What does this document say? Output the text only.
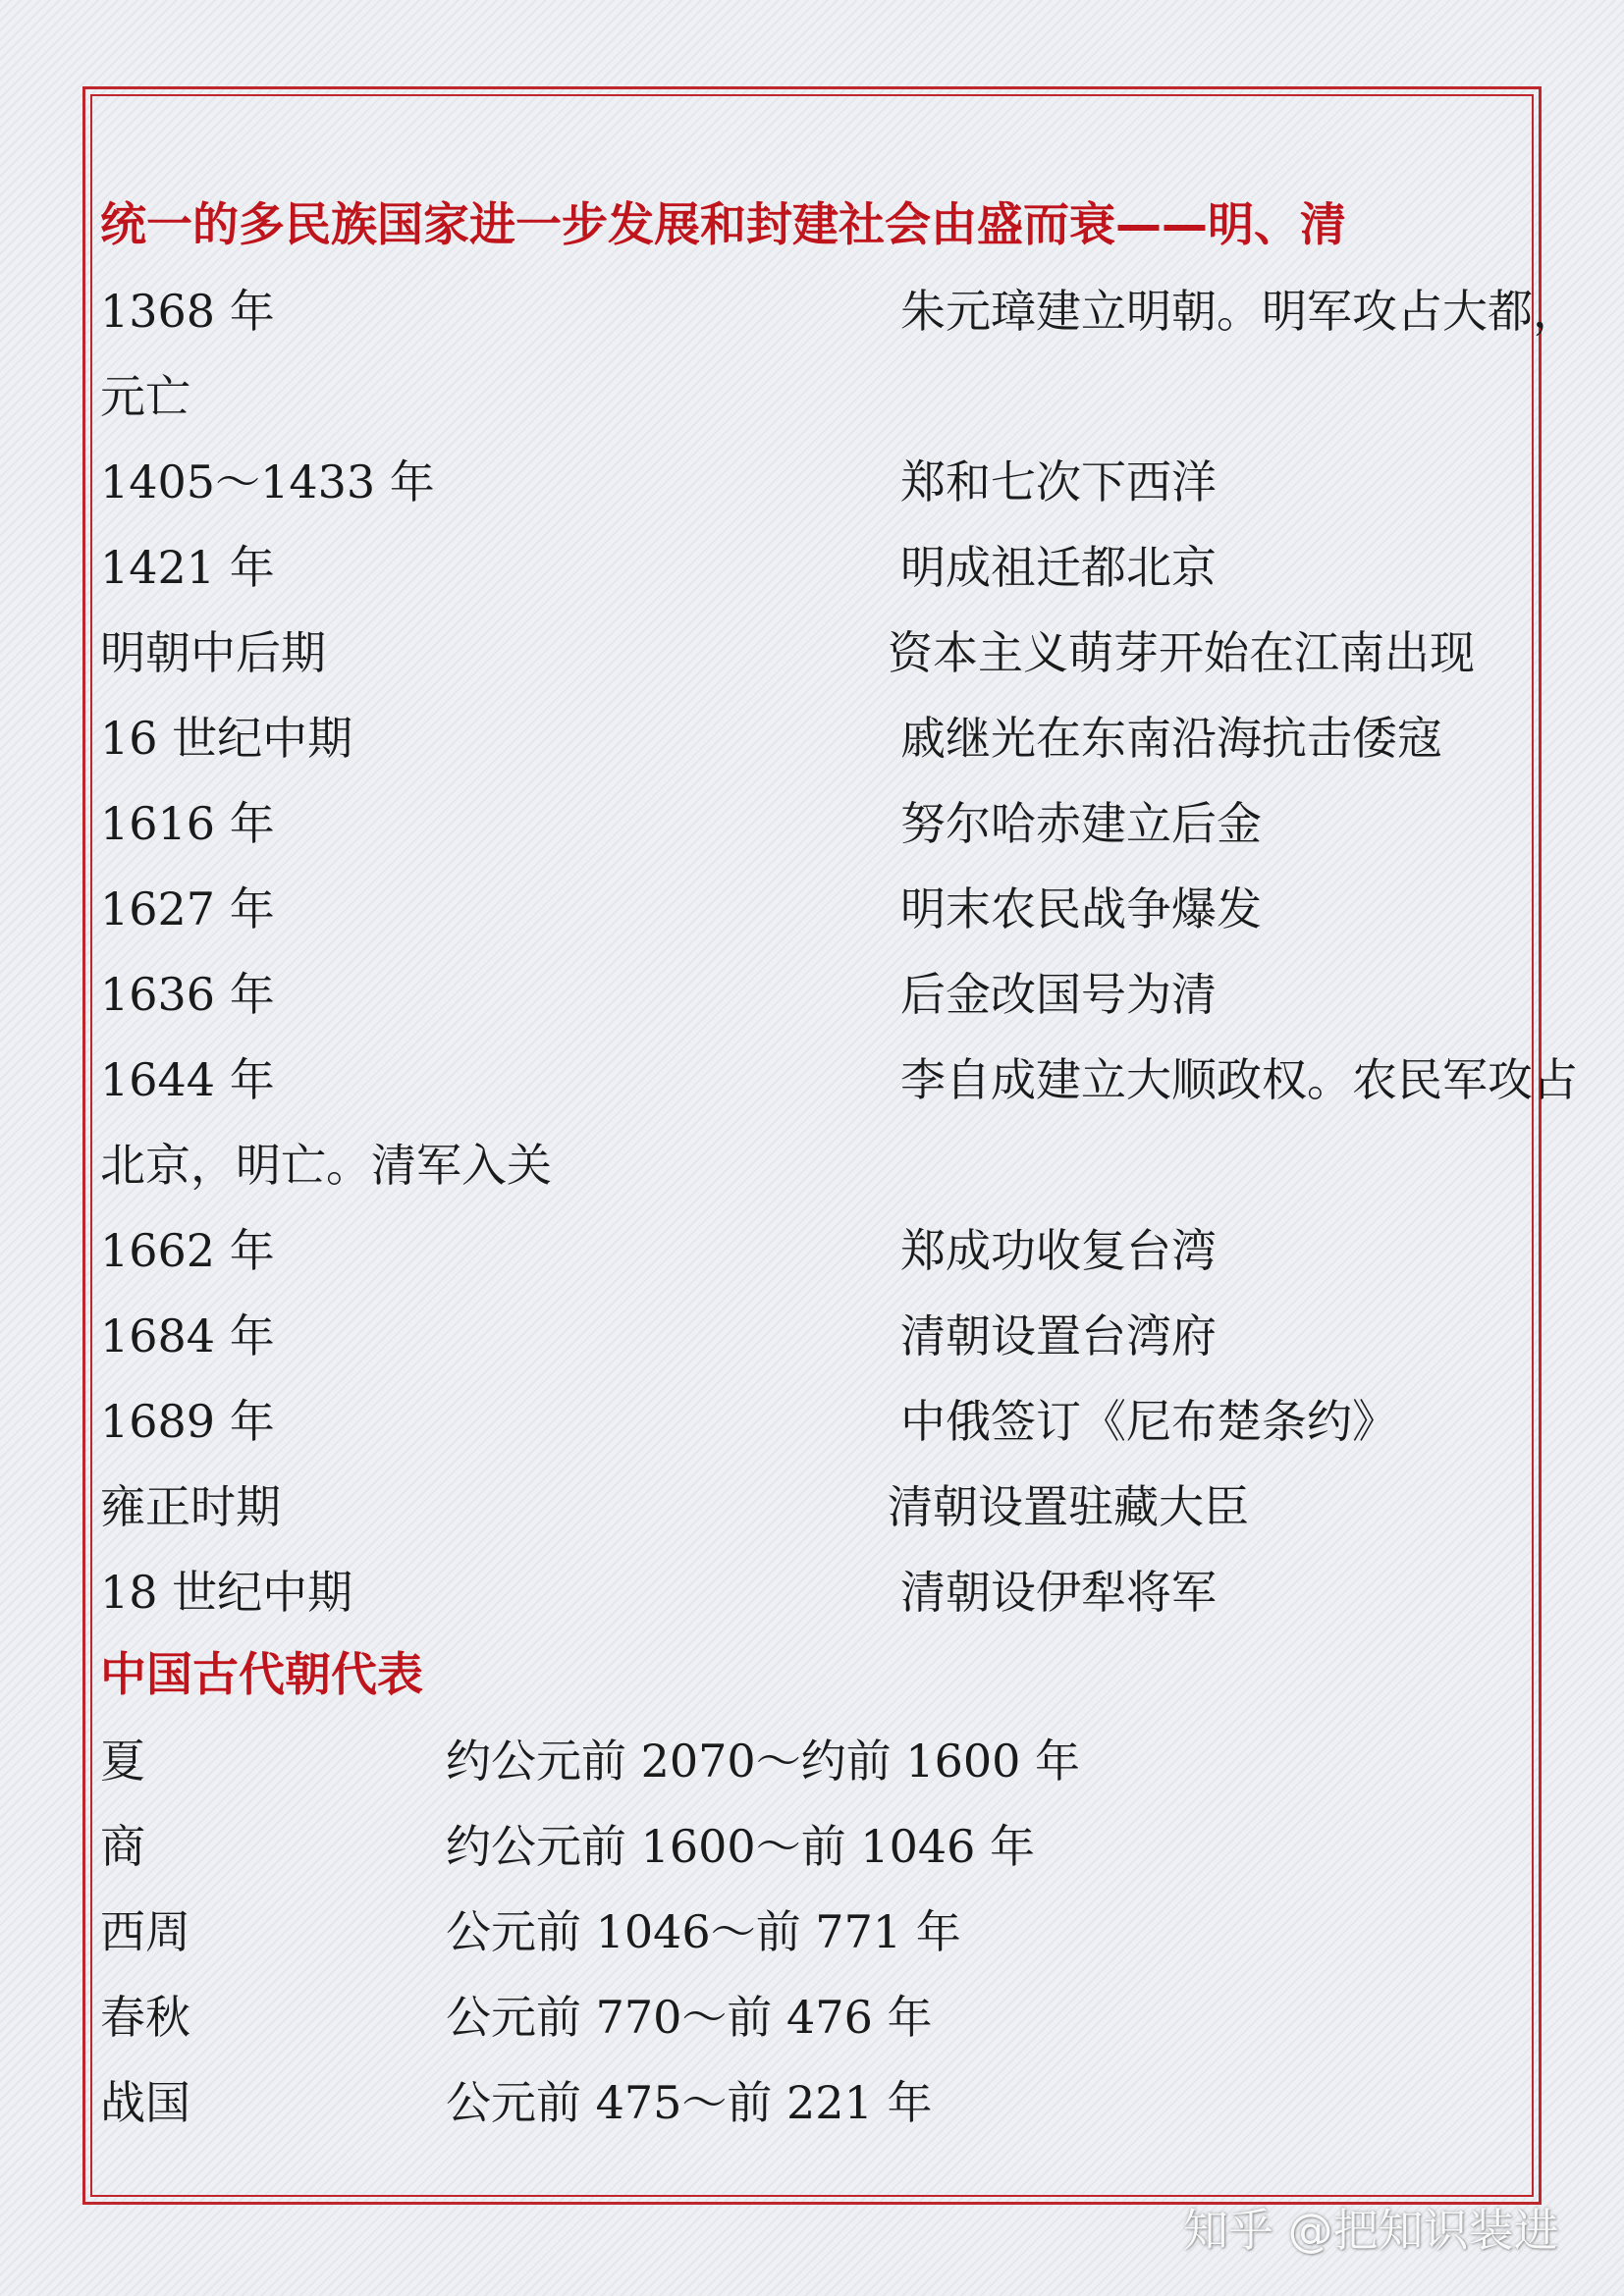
统一的多民族国家进一步发展和封建社会由盛而衰——明、清
1368 年	朱元璋建立明朝。明军攻占大都，
元亡
1405～1433 年	郑和七次下西洋
1421 年	明成祖迁都北京
明朝中后期	资本主义萌芽开始在江南出现
16 世纪中期	戚继光在东南沿海抗击倭寇
1616 年	努尔哈赤建立后金
1627 年	明末农民战争爆发
1636 年	后金改国号为清
1644 年	李自成建立大顺政权。农民军攻占
北京，明亡。清军入关
1662 年	郑成功收复台湾
1684 年	清朝设置台湾府
1689 年	中俄签订《尼布楚条约》
雍正时期	清朝设置驻藏大臣
18 世纪中期	清朝设伊犁将军
中国古代朝代表
夏	约公元前 2070～约前 1600 年
商	约公元前 1600～前 1046 年
西周	公元前 1046～前 771 年
春秋	公元前 770～前 476 年
战国	公元前 475～前 221 年
知乎 @把知识装进
